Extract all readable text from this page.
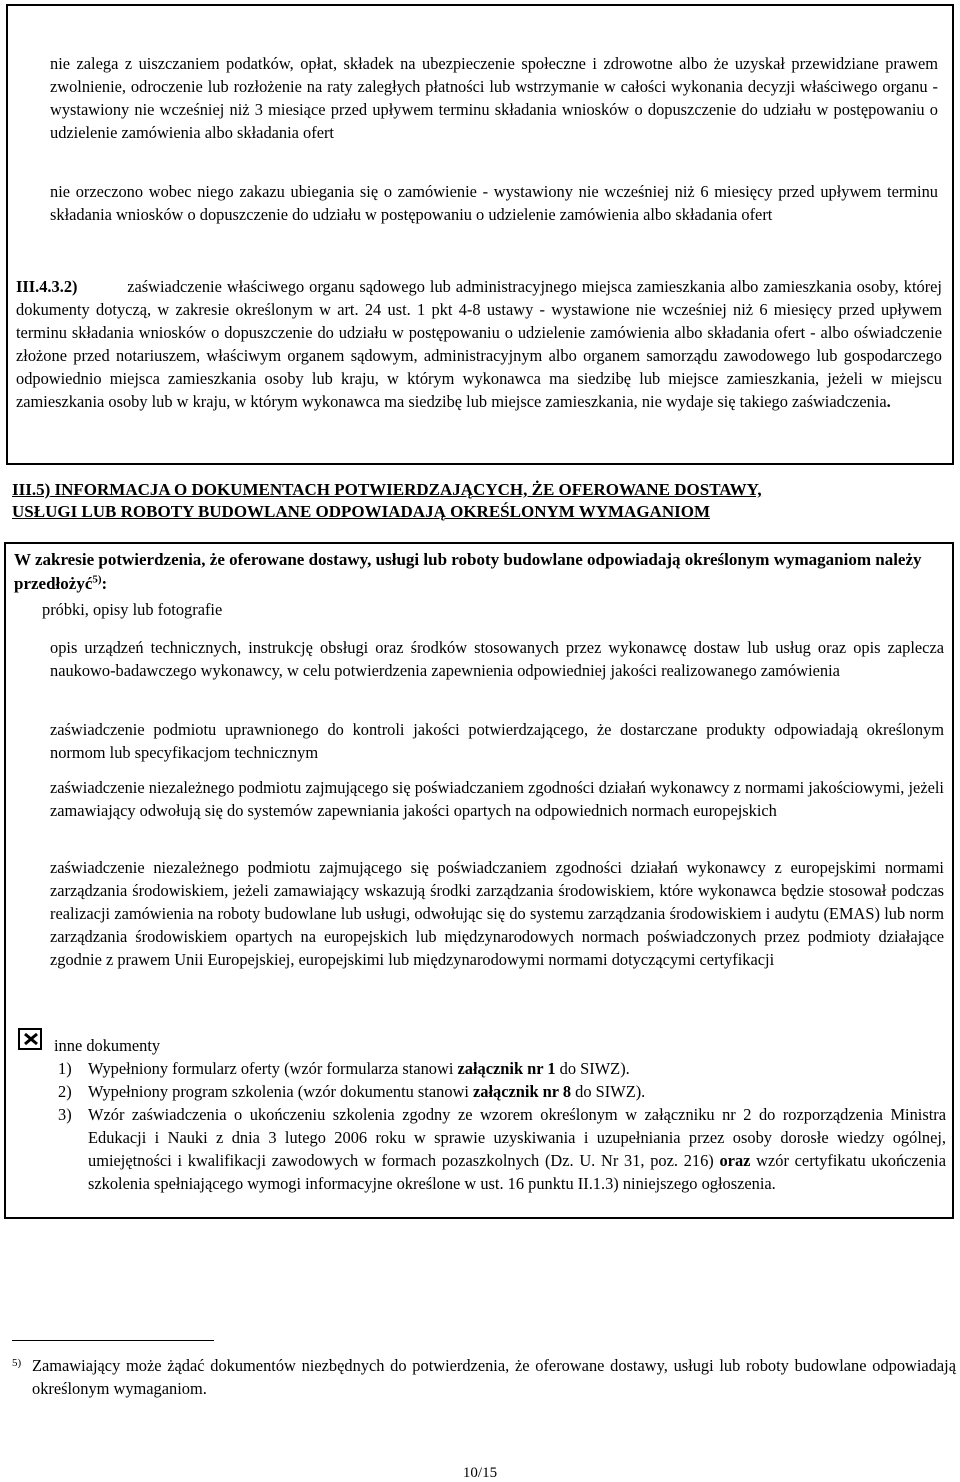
nie zalega z uiszczaniem podatków, opłat, składek na ubezpieczenie społeczne i zdrowotne albo że uzyskał przewidziane prawem zwolnienie, odroczenie lub rozłożenie na raty zaległych płatności lub wstrzymanie w całości wykonania decyzji właściwego organu - wystawiony nie wcześniej niż 3 miesiące przed upływem terminu składania wniosków o dopuszczenie do udziału w postępowaniu o udzielenie zamówienia albo składania ofert
nie orzeczono wobec niego zakazu ubiegania się o zamówienie - wystawiony nie wcześniej niż 6 miesięcy przed upływem terminu składania wniosków o dopuszczenie do udziału w postępowaniu o udzielenie zamówienia albo składania ofert
III.4.3.2)	zaświadczenie właściwego organu sądowego lub administracyjnego miejsca zamieszkania albo zamieszkania osoby, której dokumenty dotyczą, w zakresie określonym w art. 24 ust. 1 pkt 4-8 ustawy - wystawione nie wcześniej niż 6 miesięcy przed upływem terminu składania wniosków o dopuszczenie do udziału w postępowaniu o udzielenie zamówienia albo składania ofert - albo oświadczenie złożone przed notariuszem, właściwym organem sądowym, administracyjnym albo organem samorządu zawodowego lub gospodarczego odpowiednio miejsca zamieszkania osoby lub kraju, w którym wykonawca ma siedzibę lub miejsce zamieszkania, jeżeli w miejscu zamieszkania osoby lub w kraju, w którym wykonawca ma siedzibę lub miejsce zamieszkania, nie wydaje się takiego zaświadczenia.
III.5) INFORMACJA O DOKUMENTACH POTWIERDZAJĄCYCH, ŻE OFEROWANE DOSTAWY,
USŁUGI LUB ROBOTY BUDOWLANE ODPOWIADAJĄ OKREŚLONYM WYMAGANIOM
W zakresie potwierdzenia, że oferowane dostawy, usługi lub roboty budowlane odpowiadają określonym wymaganiom należy przedłożyć$^{5)}$:
próbki, opisy lub fotografie
opis urządzeń technicznych, instrukcję obsługi oraz środków stosowanych przez wykonawcę dostaw lub usług oraz opis zaplecza naukowo-badawczego wykonawcy, w celu potwierdzenia zapewnienia odpowiedniej jakości realizowanego zamówienia
zaświadczenie podmiotu uprawnionego do kontroli jakości potwierdzającego, że dostarczane produkty odpowiadają określonym normom lub specyfikacjom technicznym
zaświadczenie niezależnego podmiotu zajmującego się poświadczaniem zgodności działań wykonawcy z normami jakościowymi, jeżeli zamawiający odwołują się do systemów zapewniania jakości opartych na odpowiednich normach europejskich
zaświadczenie niezależnego podmiotu zajmującego się poświadczaniem zgodności działań wykonawcy z europejskimi normami zarządzania środowiskiem, jeżeli zamawiający wskazują środki zarządzania środowiskiem, które wykonawca będzie stosował podczas realizacji zamówienia na roboty budowlane lub usługi, odwołując się do systemu zarządzania środowiskiem i audytu (EMAS) lub norm zarządzania środowiskiem opartych na europejskich lub międzynarodowych normach poświadczonych przez podmioty działające zgodnie z prawem Unii Europejskiej, europejskimi lub międzynarodowymi normami dotyczącymi certyfikacji
inne dokumenty
1) Wypełniony formularz oferty (wzór formularza stanowi załącznik nr 1 do SIWZ).
2) Wypełniony program szkolenia (wzór dokumentu stanowi załącznik nr 8 do SIWZ).
3) Wzór zaświadczenia o ukończeniu szkolenia zgodny ze wzorem określonym w załączniku nr 2 do rozporządzenia Ministra Edukacji i Nauki z dnia 3 lutego 2006 roku w sprawie uzyskiwania i uzupełniania przez osoby dorosłe wiedzy ogólnej, umiejętności i kwalifikacji zawodowych w formach pozaszkolnych (Dz. U. Nr 31, poz. 216) oraz wzór certyfikatu ukończenia szkolenia spełniającego wymogi informacyjne określone w ust. 16 punktu II.1.3) niniejszego ogłoszenia.
5) Zamawiający może żądać dokumentów niezbędnych do potwierdzenia, że oferowane dostawy, usługi lub roboty budowlane odpowiadają określonym wymaganiom.
10/15
